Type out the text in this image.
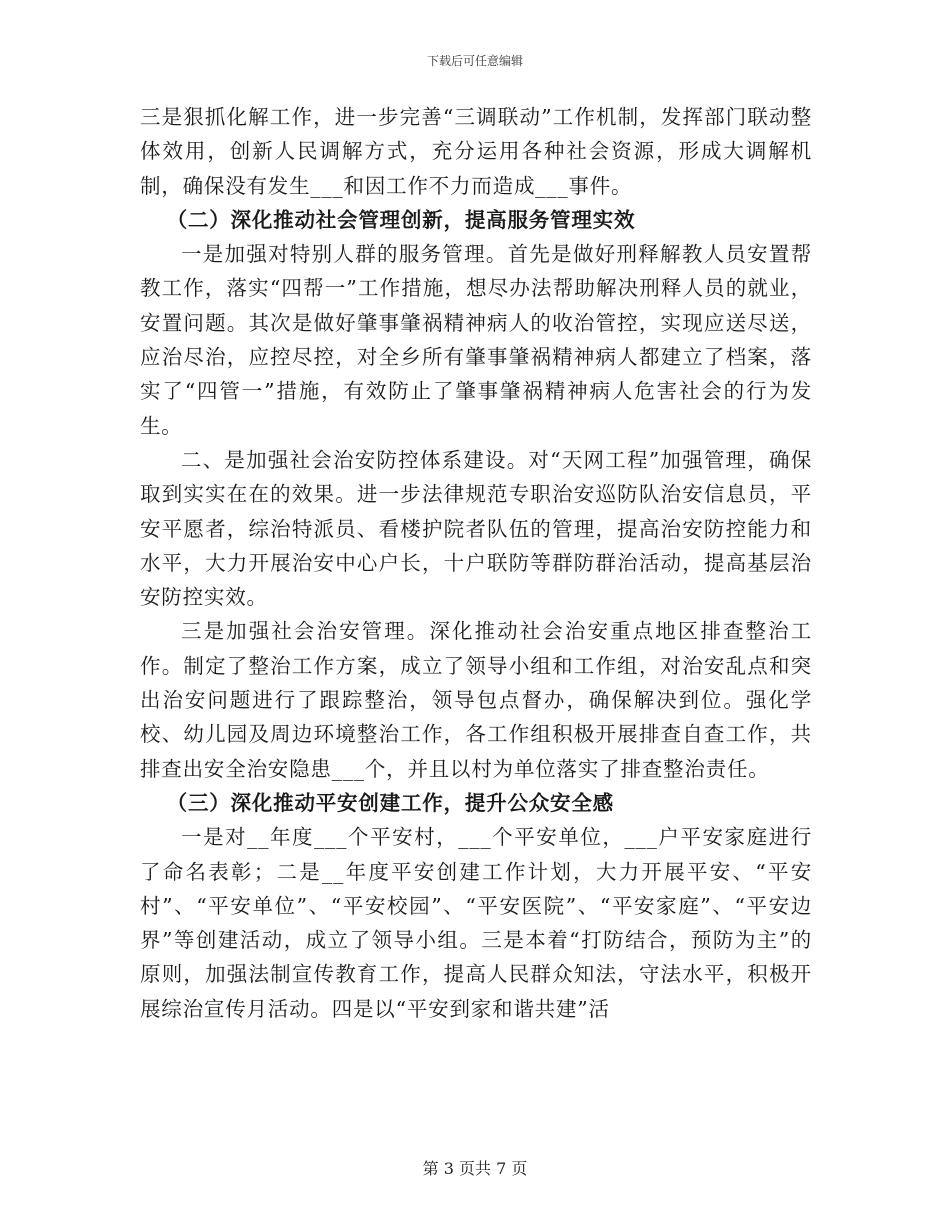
下载后可任意编辑

三是狠抓化解工作，进一步完善“三调联动”工作机制，发挥部门联动整体效用，创新人民调解方式，充分运用各种社会资源，形成大调解机制，确保没有发生___和因工作不力而造成___事件。

（二）深化推动社会管理创新，提高服务管理实效

一是加强对特别人群的服务管理。首先是做好刑释解教人员安置帮教工作，落实“四帮一”工作措施，想尽办法帮助解决刑释人员的就业，安置问题。其次是做好肇事肇祸精神病人的收治管控，实现应送尽送，应治尽治，应控尽控，对全乡所有肇事肇祸精神病人都建立了档案，落实了“四管一”措施，有效防止了肇事肇祸精神病人危害社会的行为发生。

二、是加强社会治安防控体系建设。对“天网工程”加强管理，确保取到实实在在的效果。进一步法律规范专职治安巡防队治安信息员，平安平愿者，综治特派员、看楼护院者队伍的管理，提高治安防控能力和水平，大力开展治安中心户长，十户联防等群防群治活动，提高基层治安防控实效。

三是加强社会治安管理。深化推动社会治安重点地区排查整治工作。制定了整治工作方案，成立了领导小组和工作组，对治安乱点和突出治安问题进行了跟踪整治，领导包点督办，确保解决到位。强化学校、幼儿园及周边环境整治工作，各工作组积极开展排查自查工作，共排查出安全治安隐患___个，并且以村为单位落实了排查整治责任。

（三）深化推动平安创建工作，提升公众安全感

一是对__年度___个平安村，___个平安单位，___户平安家庭进行了命名表彰；二是__年度平安创建工作计划，大力开展平安、“平安村”、“平安单位”、“平安校园”、“平安医院”、“平安家庭”、“平安边界”等创建活动，成立了领导小组。三是本着“打防结合，预防为主”的原则，加强法制宣传教育工作，提高人民群众知法，守法水平，积极开展综治宣传月活动。四是以“平安到家和谐共建”活

第 3 页共 7 页
